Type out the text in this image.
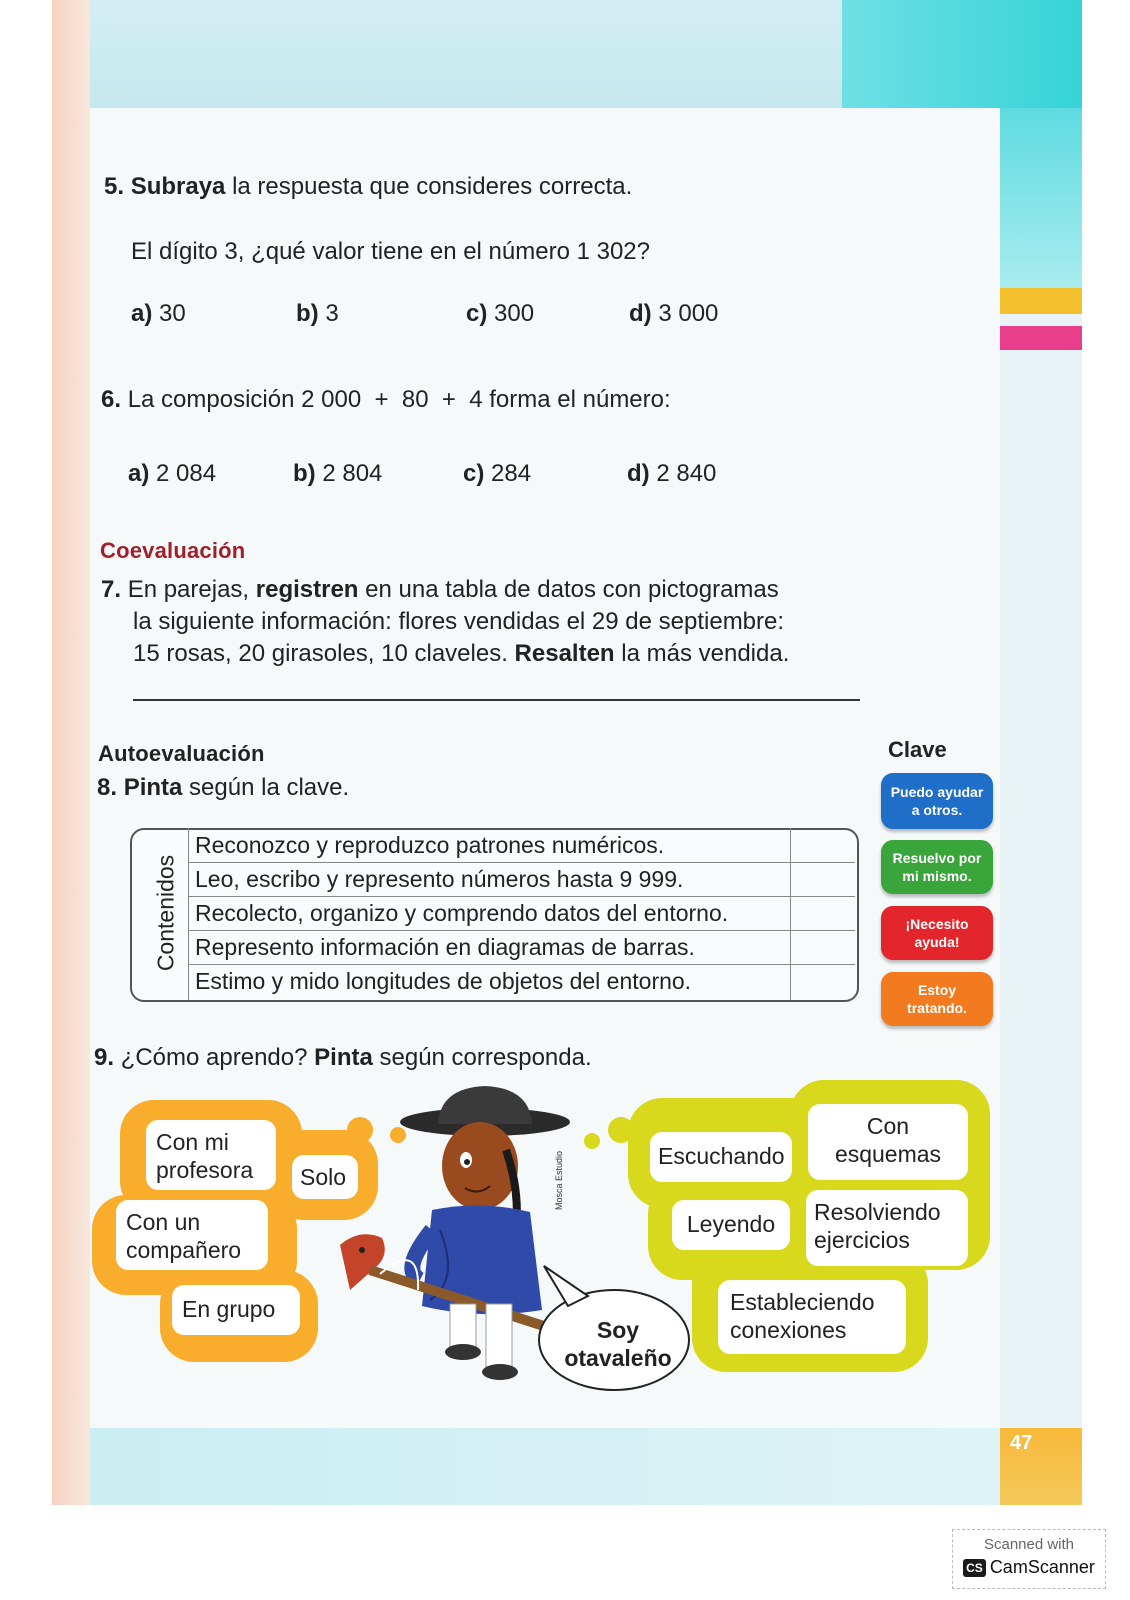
47
5. Subraya la respuesta que consideres correcta.
El dígito 3, ¿qué valor tiene en el número 1 302?
a) 30	b) 3	c) 300	d) 3 000
6. La composición 2 000  +  80  +  4 forma el número:
a) 2 084	b) 2 804	c) 284	d) 2 840
Coevaluación
7. En parejas, registren en una tabla de datos con pictogramas
la siguiente información: flores vendidas el 29 de septiembre:
15 rosas, 20 girasoles, 10 claveles. Resalten la más vendida.
Autoevaluación
8. Pinta según la clave.
Contenidos
Reconozco y reproduzco patrones numéricos.
Leo, escribo y represento números hasta 9 999.
Recolecto, organizo y comprendo datos del entorno.
Represento información en diagramas de barras.
Estimo y mido longitudes de objetos del entorno.
Clave
Puedo ayudar
a otros.
Resuelvo por
mi mismo.
¡Necesito
ayuda!
Estoy
tratando.
9. ¿Cómo aprendo? Pinta según corresponda.
Con mi
profesora	Solo
Con un
compañero
En grupo
Escuchando
Con
esquemas
Leyendo Resolviendo
ejercicios
Estableciendo
conexiones
Mosca Estudio
Soy
otavaleño
Scanned with
CS CamScanner
